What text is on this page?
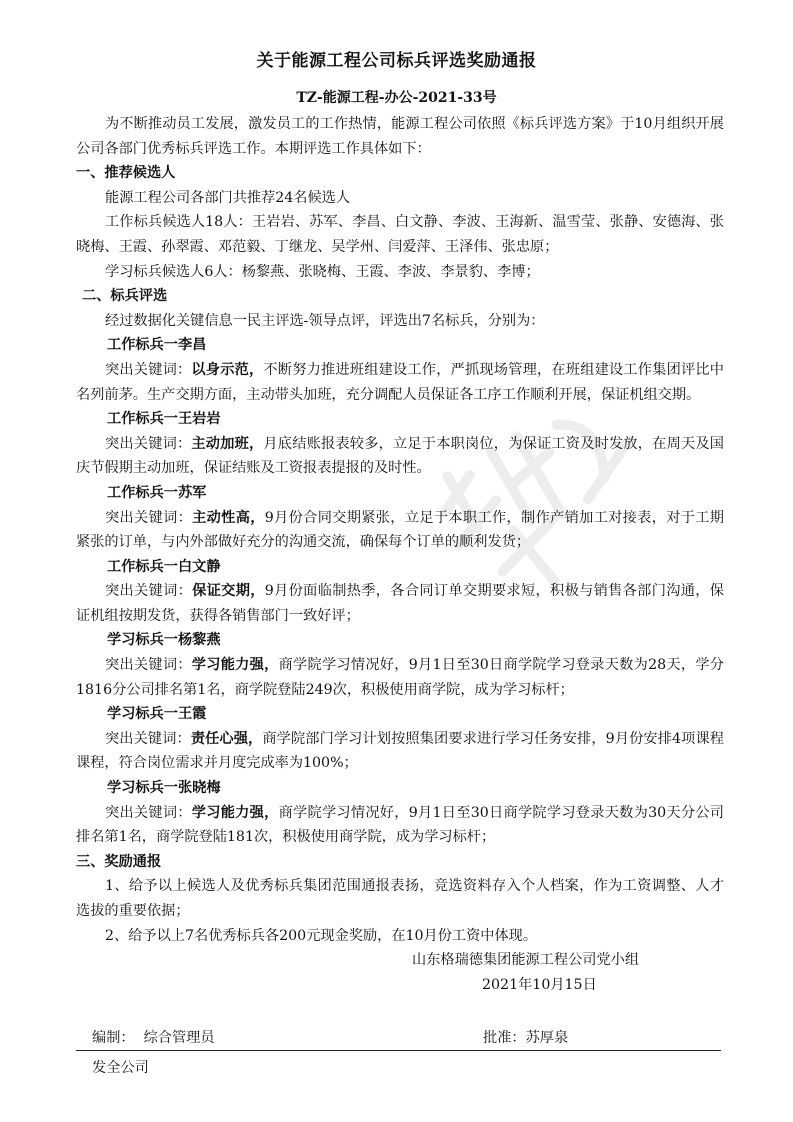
关于能源工程公司标兵评选奖励通报
TZ-能源工程-办公-2021-33号

为不断推动员工发展，激发员工的工作热情，能源工程公司依照《标兵评选方案》于10月组织开展公司各部门优秀标兵评选工作。本期评选工作具体如下：

一、推荐候选人

能源工程公司各部门共推荐24名候选人

工作标兵候选人18人：王岩岩、苏军、李昌、白文静、李波、王海新、温雪莹、张静、安德海、张晓梅、王霞、孙翠霞、邓范毅、丁继龙、吴学州、闫爱萍、王泽伟、张忠原；

学习标兵候选人6人：杨黎燕、张晓梅、王霞、李波、李景豹、李博；

二、标兵评选

经过数据化关键信息一民主评选-领导点评，评选出7名标兵，分别为：

工作标兵一李昌

突出关键词：以身示范，不断努力推进班组建设工作，严抓现场管理，在班组建设工作集团评比中名列前茅。生产交期方面，主动带头加班，充分调配人员保证各工序工作顺利开展，保证机组交期。

工作标兵一王岩岩

突出关键词：主动加班，月底结账报表较多，立足于本职岗位，为保证工资及时发放，在周天及国庆节假期主动加班，保证结账及工资报表提报的及时性。

工作标兵一苏军

突出关键词：主动性高，9月份合同交期紧张，立足于本职工作，制作产销加工对接表，对于工期紧张的订单，与内外部做好充分的沟通交流，确保每个订单的顺利发货；

工作标兵一白文静

突出关键词：保证交期，9月份面临制热季，各合同订单交期要求短，积极与销售各部门沟通，保证机组按期发货，获得各销售部门一致好评；

学习标兵一杨黎燕

突出关键词：学习能力强，商学院学习情况好，9月1日至30日商学院学习登录天数为28天，学分1816分公司排名第1名，商学院登陆249次，积极使用商学院，成为学习标杆；

学习标兵一王霞

突出关键词：责任心强，商学院部门学习计划按照集团要求进行学习任务安排，9月份安排4项课程课程，符合岗位需求并月度完成率为100%；

学习标兵一张晓梅

突出关键词：学习能力强，商学院学习情况好，9月1日至30日商学院学习登录天数为30天分公司排名第1名，商学院登陆181次，积极使用商学院，成为学习标杆；

三、奖励通报

1、给予以上候选人及优秀标兵集团范围通报表扬，竞选资料存入个人档案，作为工资调整、人才选拔的重要依据；

2、给予以上7名优秀标兵各200元现金奖励，在10月份工资中体现。

山东格瑞德集团能源工程公司党小组

2021年10月15日

编制： 综合管理员	批准：苏厚泉
发全公司
